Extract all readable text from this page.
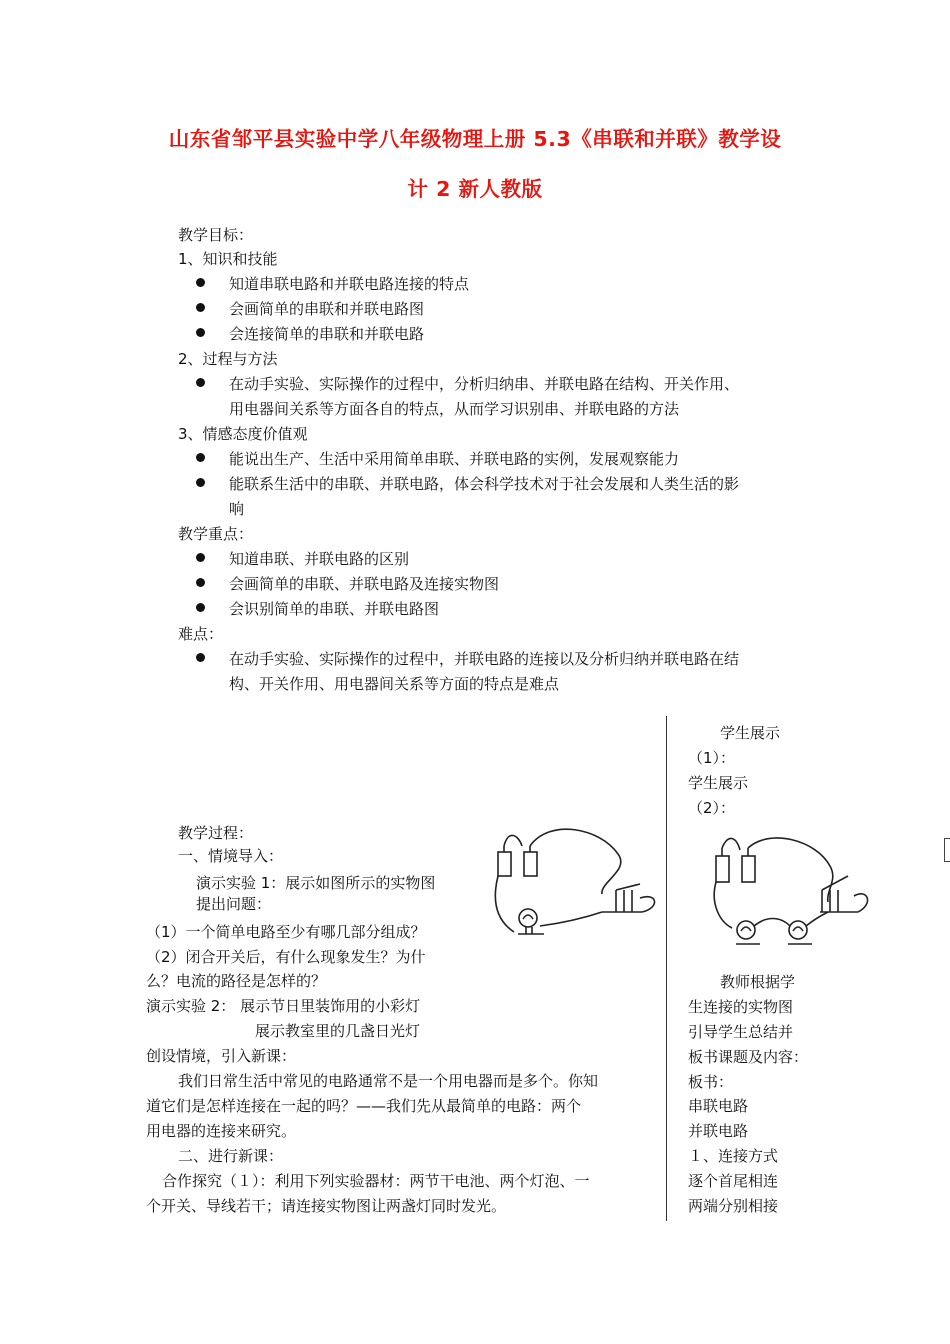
山东省邹平县实验中学八年级物理上册 5.3《串联和并联》教学设
计 2 新人教版
教学目标：
1、知识和技能
知道串联电路和并联电路连接的特点
会画简单的串联和并联电路图
会连接简单的串联和并联电路
2、过程与方法
在动手实验、实际操作的过程中，分析归纳串、并联电路在结构、开关作用、
用电器间关系等方面各自的特点，从而学习识别串、并联电路的方法
3、情感态度价值观
能说出生产、生活中采用简单串联、并联电路的实例，发展观察能力
能联系生活中的串联、并联电路，体会科学技术对于社会发展和人类生活的影
响
教学重点：
知道串联、并联电路的区别
会画简单的串联、并联电路及连接实物图
会识别简单的串联、并联电路图
难点：
在动手实验、实际操作的过程中，并联电路的连接以及分析归纳并联电路在结
构、开关作用、用电器间关系等方面的特点是难点
教学过程：
一、情境导入：
演示实验 1：展示如图所示的实物图
提出问题：
（1）一个简单电路至少有哪几部分组成？
（2）闭合开关后，有什么现象发生？为什
么？电流的路径是怎样的？
演示实验 2： 展示节日里装饰用的小彩灯
展示教室里的几盏日光灯
创设情境，引入新课：
我们日常生活中常见的电路通常不是一个用电器而是多个。你知
道它们是怎样连接在一起的吗？——我们先从最简单的电路：两个
用电器的连接来研究。
二、进行新课：
合作探究（１）：利用下列实验器材：两节干电池、两个灯泡、一
个开关、导线若干；请连接实物图让两盏灯同时发光。
学生展示
（1）：
学生展示
（2）：
教师根据学
生连接的实物图
引导学生总结并
板书课题及内容：
板书：
串联电路
并联电路
１、连接方式
逐个首尾相连
两端分别相接
